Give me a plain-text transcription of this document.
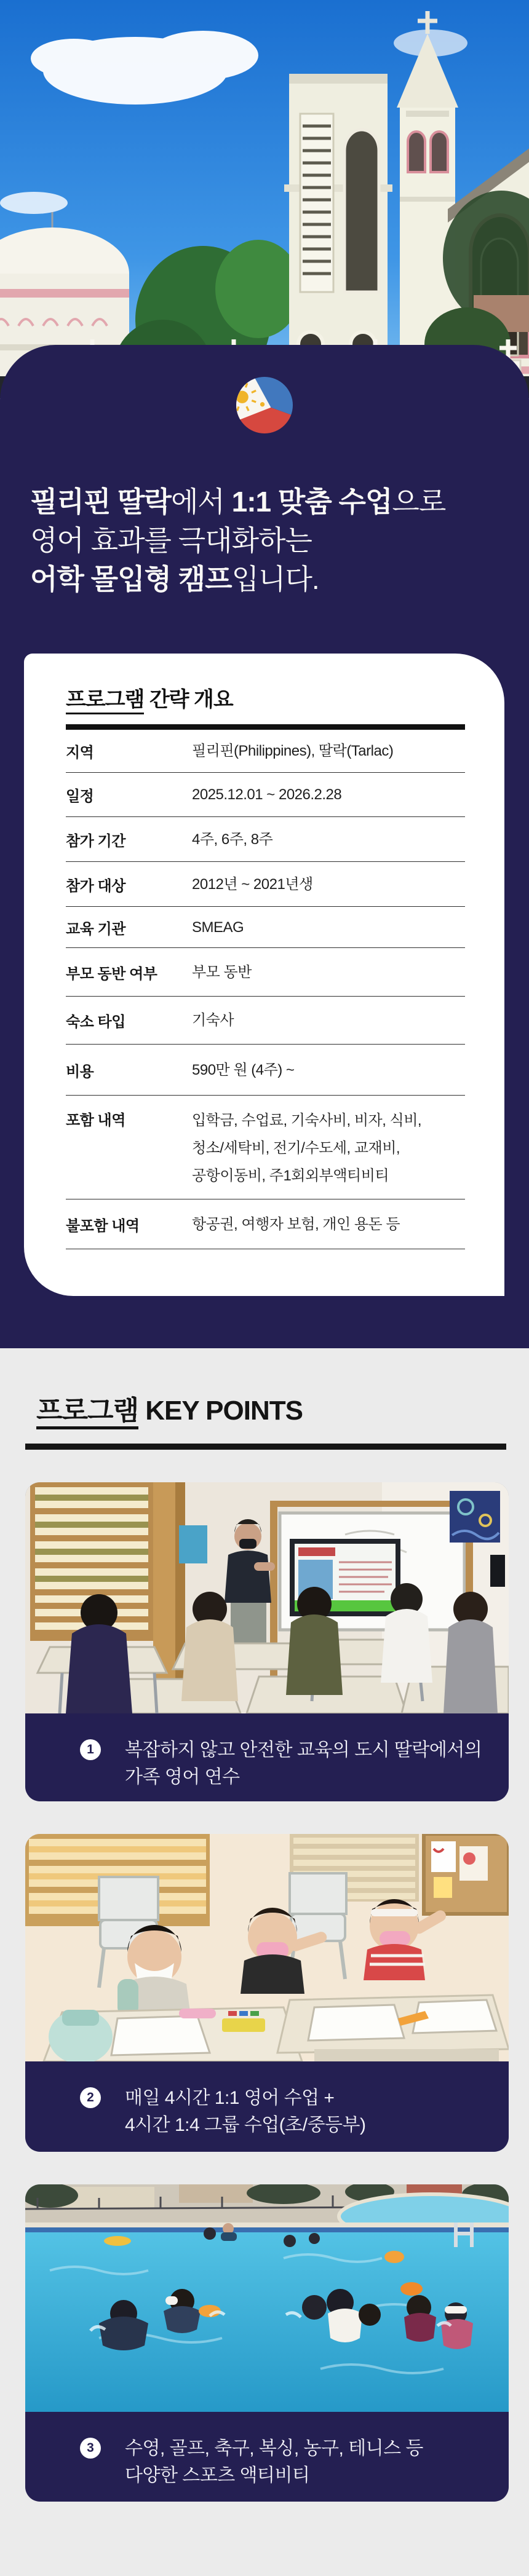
필리핀 딸락에서 1:1 맞춤 수업으로
영어 효과를 극대화하는
어학 몰입형 캠프입니다.
프로그램 간략 개요
지역	필리핀(Philippines), 딸락(Tarlac)
일정	2025.12.01 ~ 2026.2.28
참가 기간	4주, 6주, 8주
참가 대상	2012년 ~ 2021년생
교육 기관	SMEAG
부모 동반 여부	부모 동반
숙소 타입	기숙사
비용	590만 원 (4주) ~
포함 내역	입학금, 수업료, 기숙사비, 비자, 식비,
청소/세탁비, 전기/수도세, 교재비,
공항이동비, 주1회외부액티비티
불포함 내역	항공권, 여행자 보험, 개인 용돈 등
프로그램 KEY POINTS
1 복잡하지 않고 안전한 교육의 도시 딸락에서의
가족 영어 연수
2 매일 4시간 1:1 영어 수업 +
4시간 1:4 그룹 수업(초/중등부)
3 수영, 골프, 축구, 복싱, 농구, 테니스 등
다양한 스포츠 액티비티
